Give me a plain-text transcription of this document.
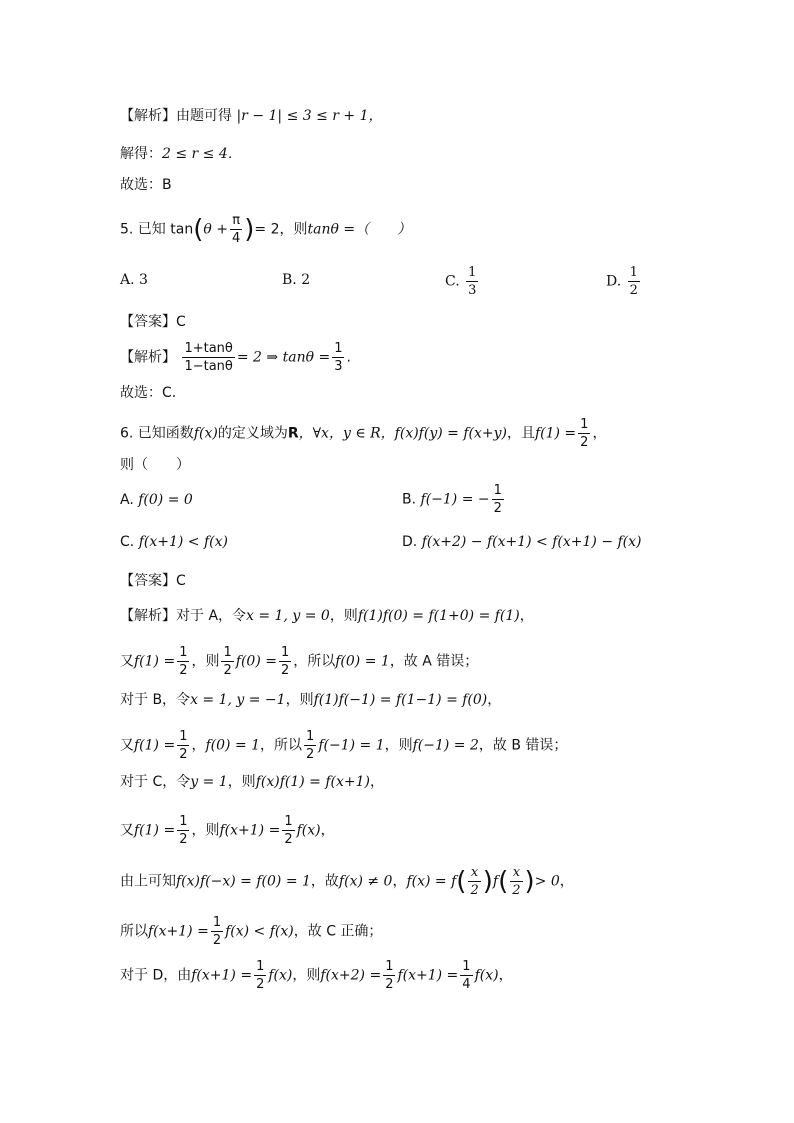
【解析】由题可得 |r − 1| ≤ 3 ≤ r + 1，
解得：2 ≤ r ≤ 4．
故选：B
5. 已知 $\tan(\theta + \frac{\pi}{4}$ )= 2，则tanθ =（　　）
A. 3	B. 2	C. $\frac{1}{3}$	D. $\frac{1}{2}$
【答案】C
【解析】 $\frac{1+\tan\theta}{1-\tan\theta} = 2$ ⇒ $\tan\theta = \frac{1}{3}$ .
故选：C.
6. 已知函数f(x)的定义域为R，∀x，y ∈ R，f(x)f(y) = f(x+y)，且$f(1) = \frac{1}{2}$ ，
则（　　）
A. f(0) = 0	B. f(−1) = − $\frac{1}{2}$
C. f(x+1) < f(x)	D. f(x+2) − f(x+1) < f(x+1) − f(x)
【答案】C
【解析】对于 A，令x = 1, y = 0，则f(1)f(0) = f(1+0) = f(1)，
又$f(1) = \frac{1}{2}$ ，则 $\frac{1}{2} f(0) = \frac{1}{2}$ ，所以f(0) = 1，故 A 错误；
对于 B，令x = 1, y = −1，则f(1)f(−1) = f(1−1) = f(0)，
又$f(1) = \frac{1}{2}$ ，f(0) = 1，所以 $\frac{1}{2} f(-1) = 1$，则f(−1) = 2，故 B 错误；
对于 C，令y = 1，则f(x)f(1) = f(x+1)，
又$f(1) = \frac{1}{2}$ ，则$f(x+1) = \frac{1}{2} f(x)$，
由上可知f(x)f(−x) = f(0) = 1，故f(x) ≠ 0，$f(x) = f( \frac{x}{2} )f( \frac{x}{2}$ )> 0，
所以$f(x+1) = \frac{1}{2} f(x) < f(x)$，故 C 正确；
对于 D，由$f(x+1) = \frac{1}{2} f(x)$，则$f(x+2) = \frac{1}{2} f(x+1) = \frac{1}{4} f(x)$，
